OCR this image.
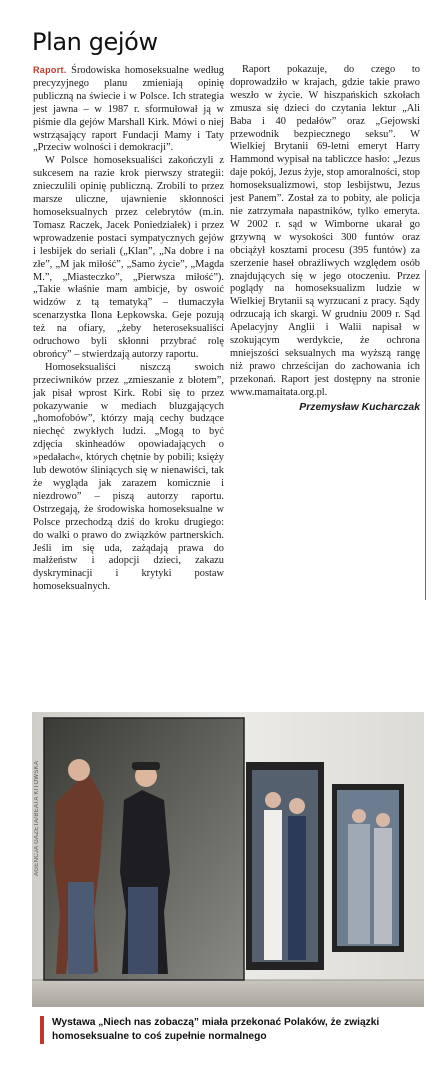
Plan gejów

Raport. Środowiska homoseksualne według precyzyjnego planu zmieniają opinię publiczną na świecie i w Polsce. Ich strategia jest jawna – w 1987 r. sformułował ją w piśmie dla gejów Marshall Kirk. Mówi o niej wstrząsający raport Fundacji Mamy i Taty „Przeciw wolności i demokracji”.

W Polsce homoseksualiści zakończyli z sukcesem na razie krok pierwszy strategii: znieczulili opinię publiczną. Zrobili to przez marsze uliczne, ujawnienie skłonności homoseksualnych przez celebrytów (m.in. Tomasz Raczek, Jacek Poniedziałek) i przez wprowadzenie postaci sympatycznych gejów i lesbijek do seriali („Klan”, „Na dobre i na złe”, „M jak miłość”, „Samo życie”, „Magda M.”, „Miasteczko”, „Pierwsza miłość”). „Takie właśnie mam ambicje, by oswoić widzów z tą tematyką” – tłumaczyła scenarzystka Ilona Łepkowska. Geje pozują też na ofiary, „żeby heteroseksualiści odruchowo byli skłonni przybrać rolę obrońcy” – stwierdzają autorzy raportu.

Homoseksualiści niszczą swoich przeciwników przez „zmieszanie z błotem”, jak pisał wprost Kirk. Robi się to przez pokazywanie w mediach bluzgających „homofobów”, którzy mają cechy budzące niechęć zwykłych ludzi. „Mogą to być zdjęcia skinheadów opowiadających o »pedałach«, których chętnie by pobili; księży lub dewotów śliniących się w nienawiści, tak że wygląda jak zarazem komicznie i niezdrowo” – piszą autorzy raportu. Ostrzegają, że środowiska homoseksualne w Polsce przechodzą dziś do kroku drugiego: do walki o prawo do związków partnerskich. Jeśli im się uda, zażądają prawa do małżeństw i adopcji dzieci, zakazu dyskryminacji i krytyki postaw homoseksualnych.

Raport pokazuje, do czego to doprowadziło w krajach, gdzie takie prawo weszło w życie. W hiszpańskich szkołach zmusza się dzieci do czytania lektur „Ali Baba i 40 pedałów” oraz „Gejowski przewodnik bezpiecznego seksu”. W Wielkiej Brytanii 69-letni emeryt Harry Hammond wypisał na tabliczce hasło: „Jezus daje pokój, Jezus żyje, stop amoralności, stop homoseksualizmowi, stop lesbijstwu, Jezus jest Panem”. Został za to pobity, ale policja nie zatrzymała napastników, tylko emeryta. W 2002 r. sąd w Wimborne ukarał go grzywną w wysokości 300 funtów oraz obciążył kosztami procesu (395 funtów) za szerzenie haseł obraźliwych względem osób znajdujących się w jego otoczeniu. Przez poglądy na homoseksualizm ludzie w Wielkiej Brytanii są wyrzucani z pracy. Sądy odrzucają ich skargi. W grudniu 2009 r. Sąd Apelacyjny Anglii i Walii napisał w szokującym werdykcie, że ochrona mniejszości seksualnych ma wyższą rangę niż prawo chrześcijan do zachowania ich przekonań. Raport jest dostępny na stronie www.mamaitata.org.pl.

Przemysław Kucharczak
AGENCJA GAZETA/BEATA KITOWSKA

Wystawa „Niech nas zobaczą” miała przekonać Polaków, że związki homoseksualne to coś zupełnie normalnego
